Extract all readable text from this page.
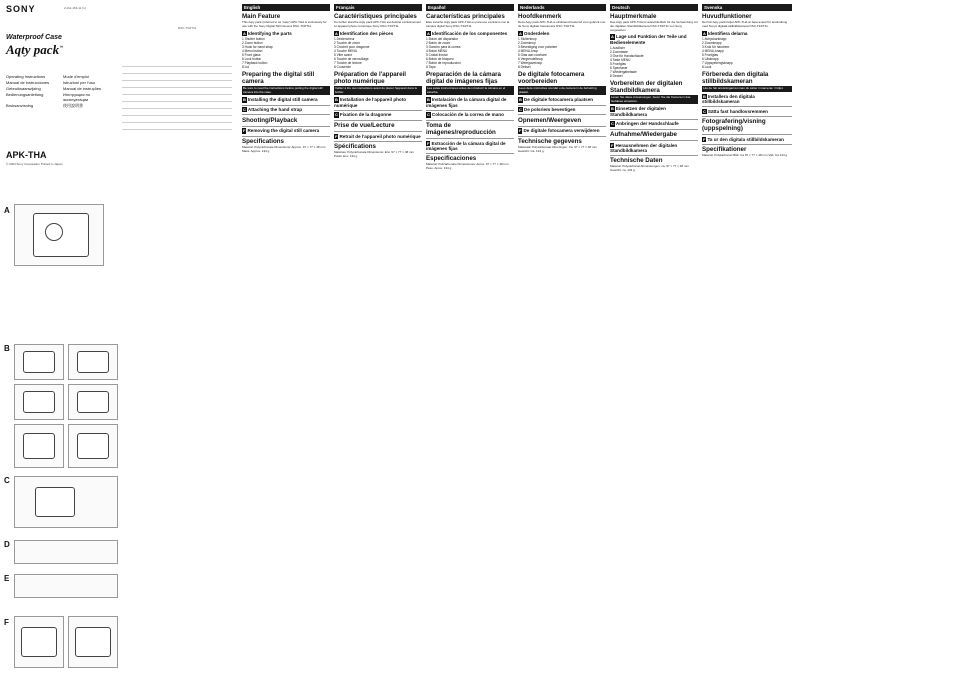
SONY	2-111-163-11 (1)
Waterproof Case
Aqty pack™
Operating Instructions	Mode d'emploi
Manual de instrucciones	Istruzioni per l'uso
Gebruiksaanwijzing	Manual de instruções
Bedienungsanleitung	Инструкция по эксплуатации
Bruksanvisning	使用說明書
APK-THA
© 2004 Sony Corporation Printed in Japan
A
B
C
D
E
F
DSC-T33/T11
English
Main Feature

This Aqty pack (referred to as 'case') APK-THA is exclusively for use with the Sony Digital Still Camera DSC-T33/T11.

A Identifying the parts
1 Shutter button
2 Zoom button
3 Hook for hand strap
4 Menu button
5 Front glass
6 Lock button
7 Playback button
8 Lid
Preparing the digital still camera
Be sure to read the instructions before putting the digital still camera into the case.
B Installing the digital still camera
C Attaching the hand strap
Shooting/Playback
F Removing the digital still camera
Specifications

Material: Polycarbonate Dimensions: Approx. 97 × 77 × 48 mm Mass: Approx. 134 g

Français
Caractéristiques principales

Ce boîtier étanche Aqty pack APK-THA est destiné exclusivement à l'appareil photo numérique Sony DSC-T33/T11.

A Identification des pièces
1 Déclencheur
2 Touche de zoom
3 Crochet pour dragonne
4 Touche MENU
5 Vitre avant
6 Touche de verrouillage
7 Touche de lecture
8 Couvercle
Préparation de l'appareil photo numérique
Veillez à lire ces instructions avant de placer l'appareil dans le boîtier.
B Installation de l'appareil photo numérique
C Fixation de la dragonne
Prise de vue/Lecture
F Retrait de l'appareil photo numérique
Spécifications

Matériau: Polycarbonate Dimensions: Env. 97 × 77 × 48 mm Poids: Env. 134 g

Español
Características principales

Este estuche Aqty pack APK-THA es para uso exclusivo con la cámara digital Sony DSC-T33/T11.

A Identificación de los componentes
1 Botón del disparador
2 Botón de zoom
3 Gancho para la correa
4 Botón MENU
5 Cristal frontal
6 Botón de bloqueo
7 Botón de reproducción
8 Tapa
Preparación de la cámara digital de imágenes fijas
Lea estas instrucciones antes de introducir la cámara en el estuche.
B Instalación de la cámara digital de imágenes fijas
C Colocación de la correa de mano
Toma de imágenes/reproducción
F Extracción de la cámara digital de imágenes fijas
Especificaciones

Material: Policarbonato Dimensiones: Aprox. 97 × 77 × 48 mm Peso: Aprox. 134 g

Nederlands
Hoofdkenmerk

Deze Aqty pack APK-THA is uitsluitend bestemd voor gebruik met de Sony digitale fotocamera DSC-T33/T11.

A Onderdelen
1 Sluiterknop
2 Zoomknop
3 Bevestiging voor polsriem
4 MENU-knop
5 Glas aan voorkant
6 Vergrendelknop
7 Weergaveknop
8 Deksel
De digitale fotocamera voorbereiden
Lees deze instructies voordat u de camera in de behuizing plaatst.
B De digitale fotocamera plaatsen
C De polsriem bevestigen
Opnemen/Weergeven
F De digitale fotocamera verwijderen
Technische gegevens

Materiaal: Polycarbonaat Afmetingen: Ca. 97 × 77 × 48 mm Gewicht: Ca. 134 g

Deutsch
Hauptmerkmale

Das Aqty pack APK-THA ist ausschließlich für die Verwendung mit der digitalen Standbildkamera DSC-T33/T11 von Sony vorgesehen.

A Lage und Funktion der Teile und Bedienelemente
1 Auslöser
2 Zoomtaste
3 Öse für Handschlaufe
4 Taste MENU
5 Frontglas
6 Sperrtaste
7 Wiedergabetaste
8 Deckel
Vorbereiten der digitalen Standbildkamera
Lesen Sie diese Anweisungen, bevor Sie die Kamera in das Gehäuse einsetzen.
B Einsetzen der digitalen Standbildkamera
C Anbringen der Handschlaufe
Aufnahme/Wiedergabe
F Herausnehmen der digitalen Standbildkamera
Technische Daten

Material: Polycarbonat Abmessungen: ca. 97 × 77 × 48 mm Gewicht: ca. 134 g

Svenska
Huvudfunktioner

Det här Aqty pack-höljet APK-THA är bara avsett för användning med Sonys digitala stillbildskamera DSC-T33/T11.

A Identifiera delarna
1 Avtryckarknapp
2 Zoomknapp
3 Krok för handrem
4 MENU-knapp
5 Frontglas
6 Låsknapp
7 Uppspelningsknapp
8 Lock
Förbereda den digitala stillbildskameran
Läs de här anvisningarna innan du sätter in kameran i höljet.
B Installera den digitala stillbildskameran
C Sätta fast handlovsremmen
Fotografering/visning (uppspelning)
F Ta ur den digitala stillbildskameran
Specifikationer

Material: Polykarbonat Mått: Ca 97 × 77 × 48 mm Vikt: Ca 134 g
